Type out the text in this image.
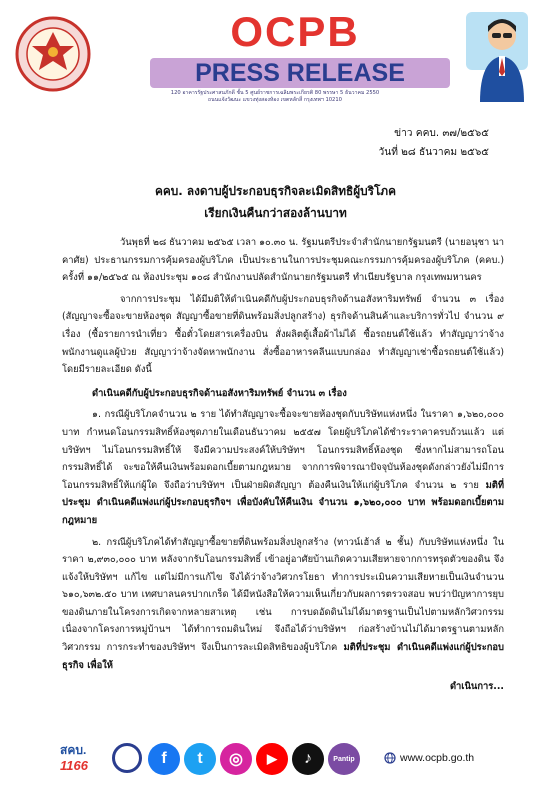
OCPB
PRESS RELEASE
120 อาคารรัฐประศาสนภักดี ชั้น 5 ศูนย์ราชการเฉลิมพระเกียรติ 80 พรรษา 5 ธันวาคม 2550
ถนนแจ้งวัฒนะ แขวงทุ่งสองห้อง เขตหลักสี่ กรุงเทพฯ 10210
ข่าว คคบ. ๓๗/๒๕๖๕
วันที่ ๒๘ ธันวาคม ๒๕๖๕
คคบ. ลงดาบผู้ประกอบธุรกิจละเมิดสิทธิผู้บริโภค
เรียกเงินคืนกว่าสองล้านบาท

วันพุธที่ ๒๘ ธันวาคม ๒๕๖๕ เวลา ๑๐.๓๐ น. รัฐมนตรีประจำสำนักนายกรัฐมนตรี (นายอนุชา นาคาศัย) ประธานกรรมการคุ้มครองผู้บริโภค เป็นประธานในการประชุมคณะกรรมการคุ้มครองผู้บริโภค (คคบ.) ครั้งที่ ๑๑/๒๕๖๕ ณ ห้องประชุม ๑๐๘ สำนักงานปลัดสำนักนายกรัฐมนตรี ทำเนียบรัฐบาล กรุงเทพมหานคร

จากการประชุม ได้มีมติให้ดำเนินคดีกับผู้ประกอบธุรกิจด้านอสังหาริมทรัพย์ จำนวน ๓ เรื่อง (สัญญาจะซื้อจะขายห้องชุด สัญญาซื้อขายที่ดินพร้อมสิ่งปลูกสร้าง) ธุรกิจด้านสินค้าและบริการทั่วไป จำนวน ๙ เรื่อง (ซื้อรายการนำเที่ยว ซื้อตั๋วโดยสารเครื่องบิน สั่งผลิตตู้เสื้อผ้าไม่ได้ ซื้อรถยนต์ใช้แล้ว ทำสัญญาว่าจ้างพนักงานดูแลผู้ป่วย สัญญาว่าจ้างจัดหาพนักงาน สั่งซื้ออาหารคลีนแบบกล่อง ทำสัญญาเช่าซื้อรถยนต์ใช้แล้ว) โดยมีรายละเอียด ดังนี้

ดำเนินคดีกับผู้ประกอบธุรกิจด้านอสังหาริมทรัพย์ จำนวน ๓ เรื่อง

๑. กรณีผู้บริโภคจำนวน ๒ ราย ได้ทำสัญญาจะซื้อจะขายห้องชุดกับบริษัทแห่งหนึ่ง ในราคา ๑,๖๒๐,๐๐๐ บาท กำหนดโอนกรรมสิทธิ์ห้องชุดภายในเดือนธันวาคม ๒๕๕๗ โดยผู้บริโภคได้ชำระราคาครบถ้วนแล้ว แต่บริษัทฯ ไม่โอนกรรมสิทธิ์ให้ จึงมีความประสงค์ให้บริษัทฯ โอนกรรมสิทธิ์ห้องชุด ซึ่งหากไม่สามารถโอนกรรมสิทธิ์ได้ จะขอให้คืนเงินพร้อมดอกเบี้ยตามกฎหมาย จากการพิจารณาปัจจุบันห้องชุดดังกล่าวยังไม่มีการโอนกรรมสิทธิ์ให้แก่ผู้ใด จึงถือว่าบริษัทฯ เป็นฝ่ายผิดสัญญา ต้องคืนเงินให้แก่ผู้บริโภค จำนวน ๒ ราย มติที่ประชุม ดำเนินคดีแพ่งแก่ผู้ประกอบธุรกิจฯ เพื่อบังคับให้คืนเงิน จำนวน ๑,๖๒๐,๐๐๐ บาท พร้อมดอกเบี้ยตามกฎหมาย

๒. กรณีผู้บริโภคได้ทำสัญญาซื้อขายที่ดินพร้อมสิ่งปลูกสร้าง (ทาวน์เฮ้าส์ ๒ ชั้น) กับบริษัทแห่งหนึ่ง ในราคา ๒,๙๓๐,๐๐๐ บาท หลังจากรับโอนกรรมสิทธิ์ เข้าอยู่อาศัยบ้านเกิดความเสียหายจากการทรุดตัวของดิน จึงแจ้งให้บริษัทฯ แก้ไข แต่ไม่มีการแก้ไข จึงได้ว่าจ้างวิศวกรโยธา ทำการประเมินความเสียหายเป็นเงินจำนวน ๖๑๐,๖๓๒.๕๐ บาท เทศบาลนครปากเกร็ด ได้มีหนังสือให้ความเห็นเกี่ยวกับผลการตรวจสอบ พบว่าปัญหาการยุบของดินภายในโครงการเกิดจากหลายสาเหตุ เช่น การบดอัดดินไม่ได้มาตรฐานเป็นไปตามหลักวิศวกรรม เนื่องจากโครงการหมู่บ้านฯ ได้ทำการถมดินใหม่ จึงถือได้ว่าบริษัทฯ ก่อสร้างบ้านไม่ได้มาตรฐานตามหลักวิศวกรรม การกระทำของบริษัทฯ จึงเป็นการละเมิดสิทธิของผู้บริโภค มติที่ประชุม ดำเนินคดีแพ่งแก่ผู้ประกอบธุรกิจ เพื่อให้

ดำเนินการ...

สคบ.
1166	f	t	◎	▶	♪	Pantip	www.ocpb.go.th
